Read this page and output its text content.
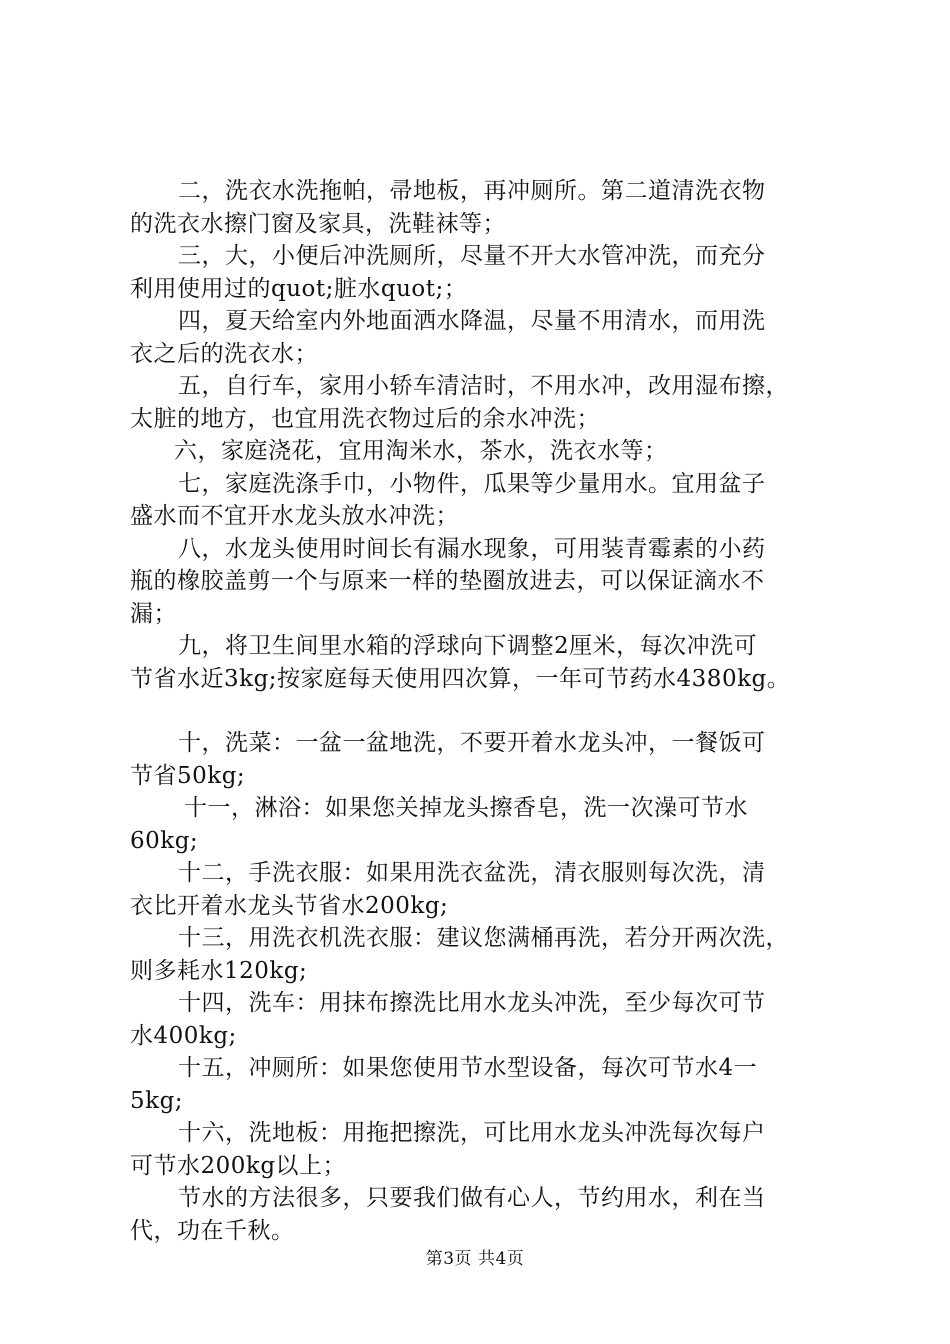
二，洗衣水洗拖帕，帚地板，再冲厕所。第二道清洗衣物
的洗衣水擦门窗及家具，洗鞋袜等；
三，大，小便后冲洗厕所，尽量不开大水管冲洗，而充分
利用使用过的quot;脏水quot;；
四，夏天给室内外地面洒水降温，尽量不用清水，而用洗
衣之后的洗衣水；
五，自行车，家用小轿车清洁时，不用水冲，改用湿布擦，
太脏的地方，也宜用洗衣物过后的余水冲洗；
六，家庭浇花，宜用淘米水，茶水，洗衣水等；
七，家庭洗涤手巾，小物件，瓜果等少量用水。宜用盆子
盛水而不宜开水龙头放水冲洗；
八，水龙头使用时间长有漏水现象，可用装青霉素的小药
瓶的橡胶盖剪一个与原来一样的垫圈放进去，可以保证滴水不
漏；
九，将卫生间里水箱的浮球向下调整2厘米，每次冲洗可
节省水近3kg;按家庭每天使用四次算，一年可节药水4380kg。
十，洗菜：一盆一盆地洗，不要开着水龙头冲，一餐饭可
节省50kg;
十一，淋浴：如果您关掉龙头擦香皂，洗一次澡可节水
60kg;
十二，手洗衣服：如果用洗衣盆洗，清衣服则每次洗，清
衣比开着水龙头节省水200kg;
十三，用洗衣机洗衣服：建议您满桶再洗，若分开两次洗，
则多耗水120kg;
十四，洗车：用抹布擦洗比用水龙头冲洗，至少每次可节
水400kg;
十五，冲厕所：如果您使用节水型设备，每次可节水4一
5kg;
十六，洗地板：用拖把擦洗，可比用水龙头冲洗每次每户
可节水200kg以上；
节水的方法很多，只要我们做有心人，节约用水，利在当
代，功在千秋。
第3页 共4页
